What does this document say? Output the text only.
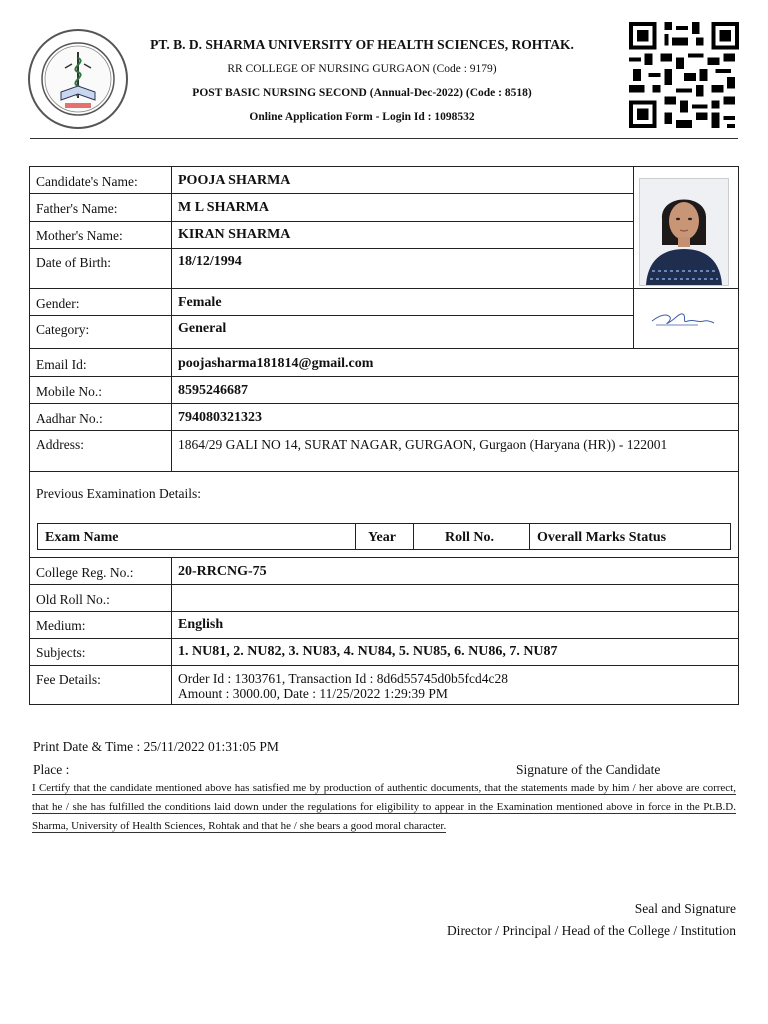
PT. B. D. SHARMA UNIVERSITY OF HEALTH SCIENCES, ROHTAK.
RR COLLEGE OF NURSING GURGAON (Code : 9179)
POST BASIC NURSING SECOND (Annual-Dec-2022) (Code : 8518)
Online Application Form - Login Id : 1098532
Candidate's Name:	POOJA SHARMA
Father's Name:	M L SHARMA
Mother's Name:	KIRAN SHARMA
Date of Birth:	18/12/1994
Gender:	Female
Category:	General
Email Id:	poojasharma181814@gmail.com
Mobile No.:	8595246687
Aadhar No.:	794080321323
Address:	1864/29 GALI NO 14, SURAT NAGAR, GURGAON, Gurgaon (Haryana (HR)) - 122001
Previous Examination Details:
Exam Name	Year	Roll No.	Overall Marks Status
College Reg. No.:	20-RRCNG-75
Old Roll No.:
Medium:	English
Subjects:	1. NU81, 2. NU82, 3. NU83, 4. NU84, 5. NU85, 6. NU86, 7. NU87
Fee Details:	Order Id : 1303761, Transaction Id : 8d6d55745d0b5fcd4c28
Amount : 3000.00, Date : 11/25/2022 1:29:39 PM
Print Date & Time : 25/11/2022 01:31:05 PM
Place :	Signature of the Candidate
I Certify that the candidate mentioned above has satisfied me by production of authentic documents, that the statements made by him / her above are correct, that he / she has fulfilled the conditions laid down under the regulations for eligibility to appear in the Examination mentioned above in force in the Pt.B.D. Sharma, University of Health Sciences, Rohtak and that he / she bears a good moral character.
Seal and Signature
Director / Principal / Head of the College / Institution
